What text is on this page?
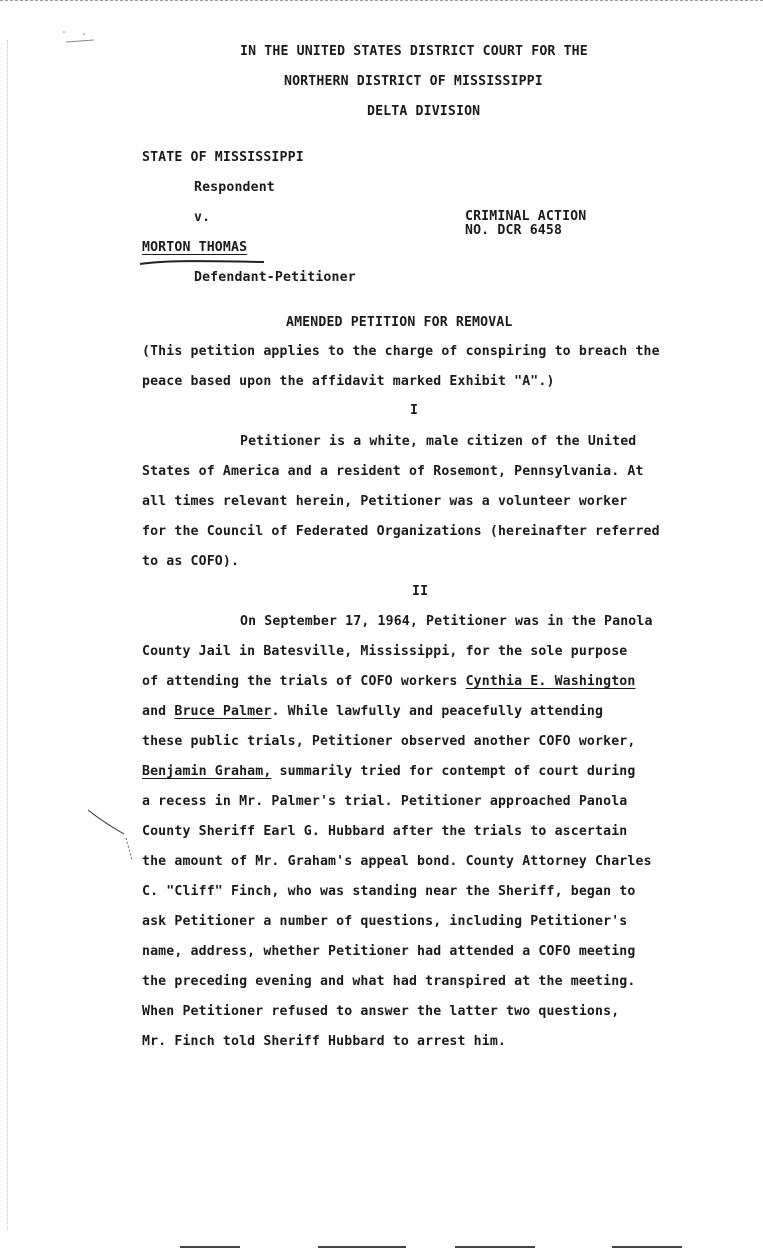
IN THE UNITED STATES DISTRICT COURT FOR THE
NORTHERN DISTRICT OF MISSISSIPPI
DELTA DIVISION
STATE OF MISSISSIPPI
Respondent
v.	CRIMINAL ACTION
NO. DCR 6458
MORTON THOMAS
Defendant-Petitioner
AMENDED PETITION FOR REMOVAL
(This petition applies to the charge of conspiring to breach the
peace based upon the affidavit marked Exhibit "A".)
I
Petitioner is a white, male citizen of the United
States of America and a resident of Rosemont, Pennsylvania. At
all times relevant herein, Petitioner was a volunteer worker
for the Council of Federated Organizations (hereinafter referred
to as COFO).
II
On September 17, 1964, Petitioner was in the Panola
County Jail in Batesville, Mississippi, for the sole purpose
of attending the trials of COFO workers Cynthia E. Washington
and Bruce Palmer. While lawfully and peacefully attending
these public trials, Petitioner observed another COFO worker,
Benjamin Graham, summarily tried for contempt of court during
a recess in Mr. Palmer's trial. Petitioner approached Panola
County Sheriff Earl G. Hubbard after the trials to ascertain
the amount of Mr. Graham's appeal bond. County Attorney Charles
C. "Cliff" Finch, who was standing near the Sheriff, began to
ask Petitioner a number of questions, including Petitioner's
name, address, whether Petitioner had attended a COFO meeting
the preceding evening and what had transpired at the meeting.
When Petitioner refused to answer the latter two questions,
Mr. Finch told Sheriff Hubbard to arrest him.
